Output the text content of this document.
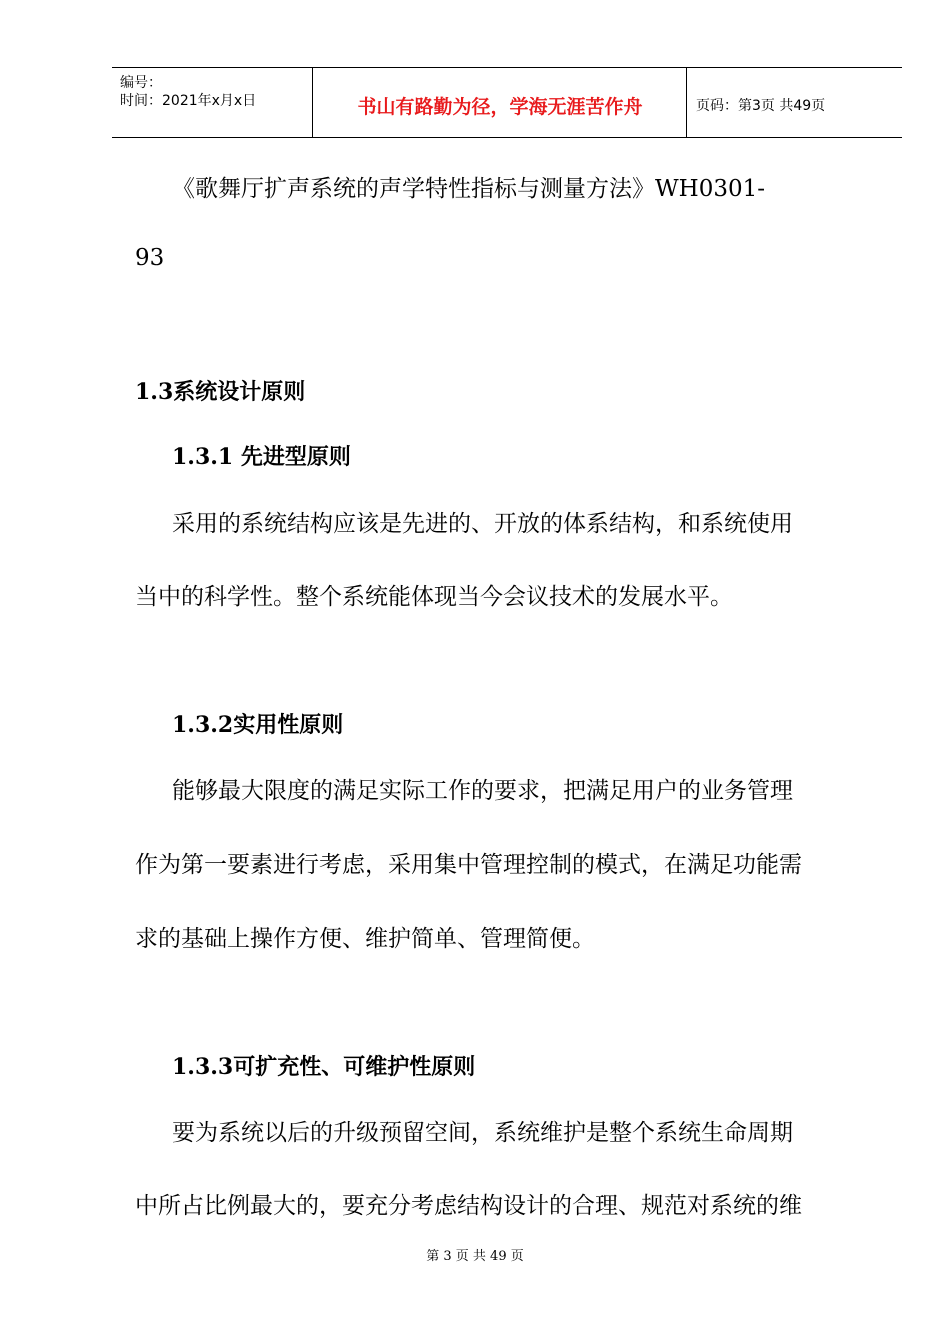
编号：
时间：2021年x月x日	书山有路勤为径，学海无涯苦作舟	页码：第3页 共49页
《歌舞厅扩声系统的声学特性指标与测量方法》WH0301-
93
1.3系统设计原则
1.3.1 先进型原则
采用的系统结构应该是先进的、开放的体系结构，和系统使用
当中的科学性。整个系统能体现当今会议技术的发展水平。
1.3.2实用性原则
能够最大限度的满足实际工作的要求，把满足用户的业务管理
作为第一要素进行考虑，采用集中管理控制的模式，在满足功能需
求的基础上操作方便、维护简单、管理简便。
1.3.3可扩充性、可维护性原则
要为系统以后的升级预留空间，系统维护是整个系统生命周期
中所占比例最大的，要充分考虑结构设计的合理、规范对系统的维
第 3 页 共 49 页
